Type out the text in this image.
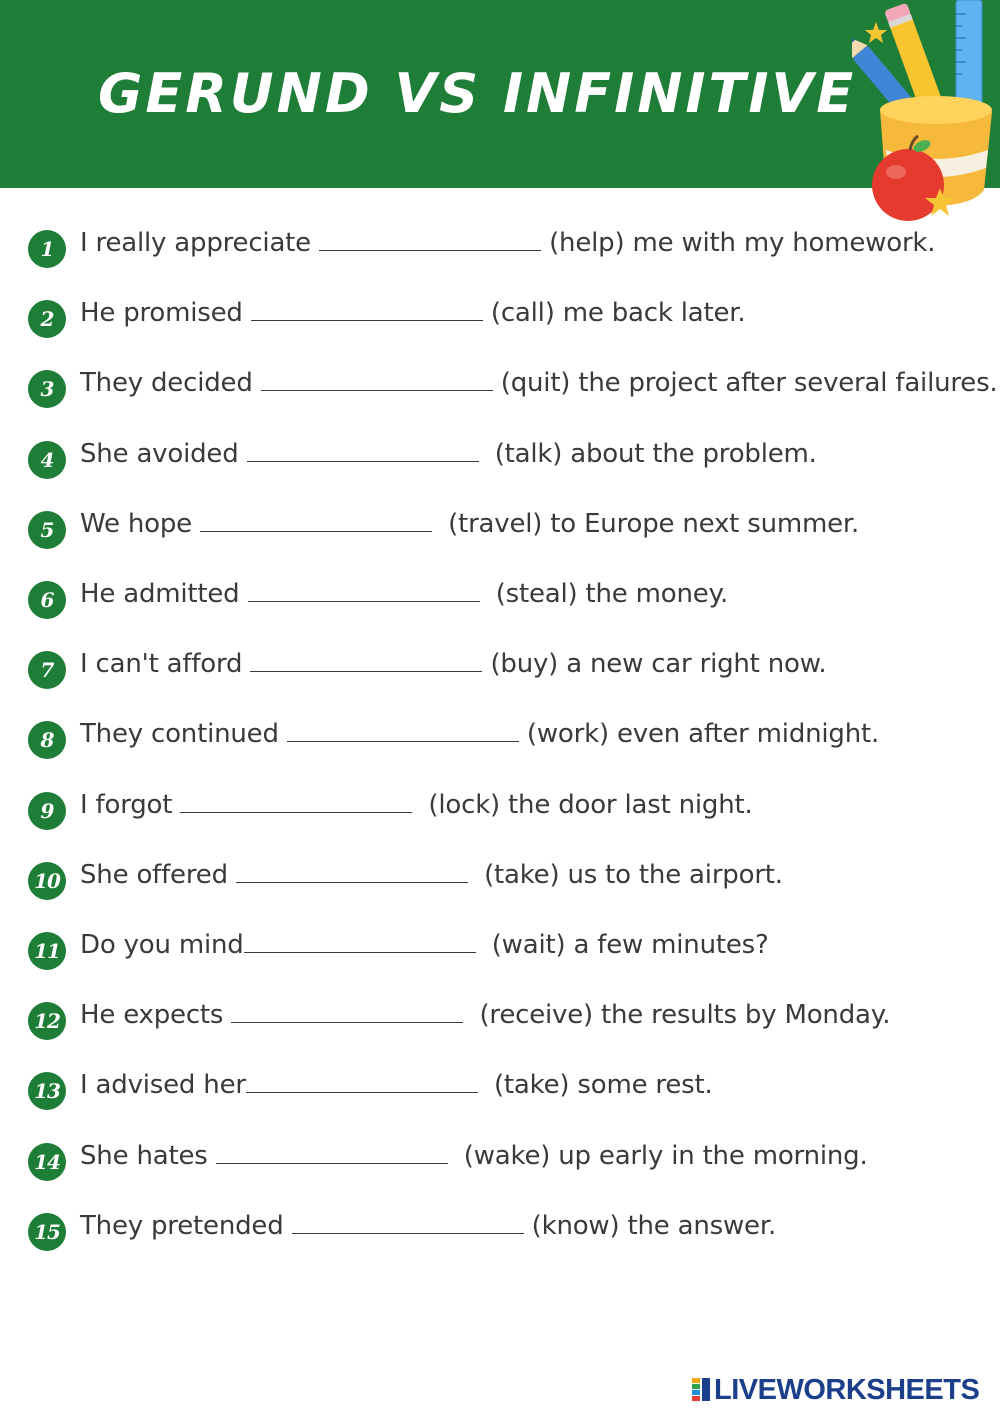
GERUND VS INFINITIVE
1	I really appreciate	(help) me with my homework.
2	He promised	(call) me back later.
3	They decided	(quit) the project after several failures.
4	She avoided	(talk) about the problem.
5	We hope	(travel) to Europe next summer.
6	He admitted	(steal) the money.
7	I can't afford	(buy) a new car right now.
8	They continued	(work) even after midnight.
9	I forgot	(lock) the door last night.
10 She offered	(take) us to the airport.
11 Do you mind	(wait) a few minutes?
12 He expects	(receive) the results by Monday.
13 I advised her	(take) some rest.
14 She hates	(wake) up early in the morning.
15 They pretended	(know) the answer.
LIVEWORKSHEETS
